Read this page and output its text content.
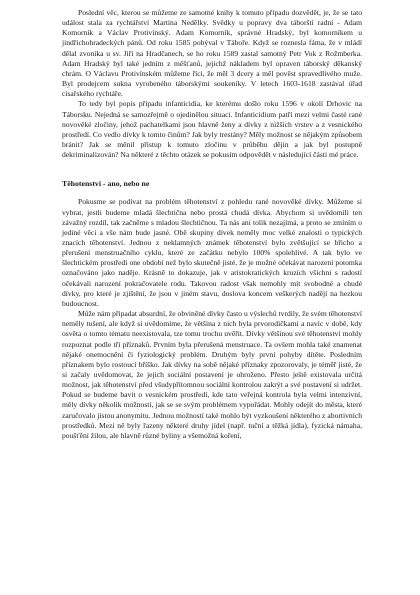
Poslední věc, kterou se můžeme ze samotné knihy k tomuto případu dozvědět, je, že se tato událost stala za rychtářství Martina Nedělky. Svědky u popravy dva táborští radní - Adam Komorník a Václav Protivínský. Adam Komorník, správné Hradský, byl komorníkem u jindřichohradeckých pánů. Od roku 1585 pobýval v Táboře. Když se roznesla fáma, že v mládí dělal zvoníka u sv. Jiří na Hradčanech, se ho roku 1589 zastal samotný Petr Vok z Rožmberka. Adam Hradský byl také jedním z měšťanů, jejichž nákladem byl opraven táborský děkanský chrám. O Václavu Protivínském můžeme říci, že měl 3 dcery a měl pověst spravedlivého muže. Byl prodejcem sukna vyrobeného táborskými soukeníky. V letech 1603-1618 zastával úřad císařského rychtáře.

To tedy byl popis případu infanticidia, ke kterému došlo roku 1596 v okolí Drhovic na Táborsku. Nejedná se samozřejmě o ojedinělou situaci. Infanticidium patří mezi velmi časté rané novověké zločiny, jehož pachatelkami jsou hlavně ženy a dívky z nižších vrstev a z vesnického prostředí. Co vedlo dívky k tomto činům? Jak byly trestány? Měly možnost se nějakým způsobem bránit? Jak se měnil přístup k tomuto zločinu v průběhu dějin a jak byl postupně dekriminalizován? Na některé z těchto otázek se pokusím odpovědět v následující části mé práce.

Těhotenství - ano, nebo ne

Pokusme se podívat na problém těhotenství z pohledu rané novověké dívky. Můžeme si vybrat, jestli budeme mladá šlechtična nebo prostá chudá dívka. Abychom si uvědomili ten závažný rozdíl, tak začněme s mladou šlechtičnou. Ta nás ani tolik nezajímá, a proto se zmíním o jediné věci a vše nám bude jasné. Obě skupiny dívek neměly moc velké znalosti o typických znacích těhotenství. Jednou z neklamných známek těhotenství bylo zvětšující se břicho a přerušení menstruačního cyklu, které ze začátku nebylo 100% spolehlivé. A tak bylo ve šlechtickém prostředí one období než bylo skutečně jisté, že je možné očekávat narození potomka označováno jako naděje. Krásně to dokazuje, jak v aristokratických kruzích všichni s radostí očekávali narození pokračovatele rodu. Takovou radost však nemohly mít svobodné a chudé dívky, pro které je zjištění, že jsou v jiném stavu, doslova koncem veškerých nadějí na hezkou budoucnost.

Může nám připadat absurdní, že obviněné dívky často u výslechů tvrdily, že svém těhotenství neměly tušení, ale když si uvědomíme, že většina z nich byla prvorodičkami a navíc v době, kdy osvěta o tomto tématu neexistovala, tze tomu trochu uvěřit. Dívky většinou své těhotenství mohly rozpoznat podle tří příznaků. Prvním byla přerušená menstruace. Ta ovšem mohla také znamenat nějaké onemocnění či fyziologický problém. Druhým byly první pohyby dítěte. Posledním příznakem bylo rostoucí bříško. Jak dívky na sobě nějaké příznaky zpozorovaly, je téměř jisté, že si začaly uvědomovat, že jejich sociální postavení je ohroženo. Přesto ještě existovala určitá možnost, jak těhotenství před všudypřítomnou sociální kontrolou zakrýt a své postavení si udržet. Pokud se budeme bavit o vesnickém prostředí, kde tato veřejná kontrola byla velmi intenzivní, měly dívky několik možností, jak se se svým problémem vypořádat. Mohly odejít do města, které zaručovalo jistou anonymitu. Jednou možností také mohlo být vyzkoušení některého z abortivních prostředků. Mezi ně byly řazeny některé druhy jídel (např. tuční a těžká jídla), fyzická námaha, poušťění žilou, ale hlavně různé byliny a všemožná koření,
